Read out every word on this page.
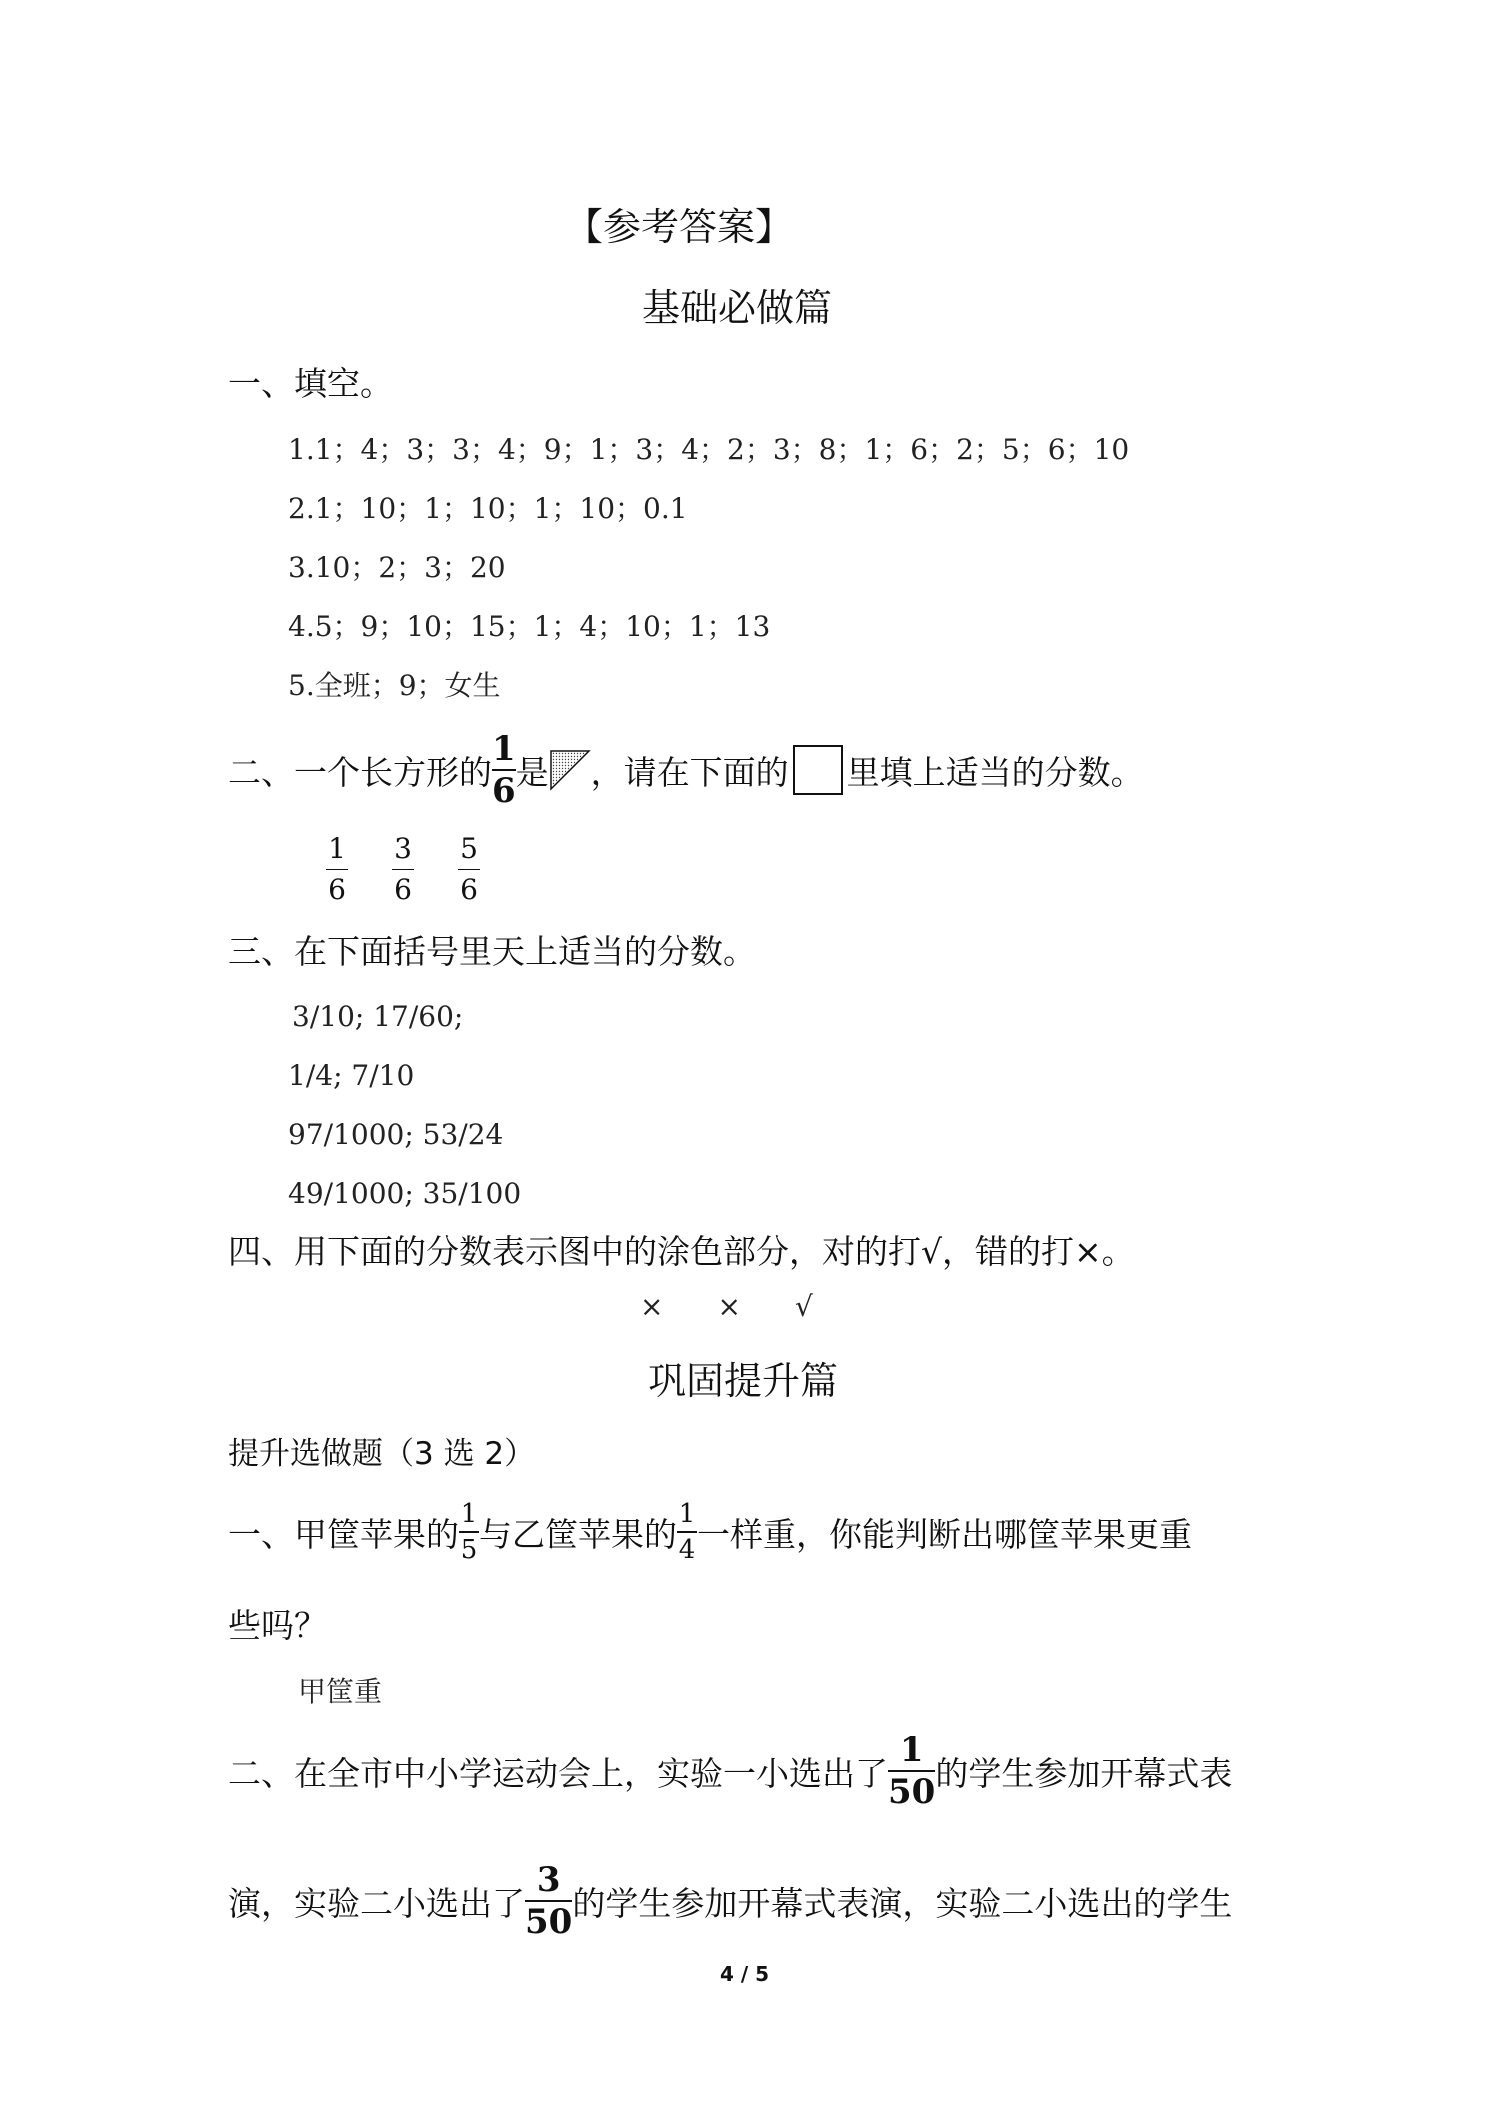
【参考答案】
基础必做篇
一、填空。
1.1；4；3；3；4；9；1；3；4；2；3；8；1；6；2；5；6；10
2.1；10；1；10；1；10；0.1
3.10；2；3；20
4.5；9；10；15；1；4；10；1；13
5.全班；9；女生
二、一个长方形的 $\frac{1}{6}$ 是 ，请在下面的 里填上适当的分数。
$\frac{1}{6} \frac{3}{6} \frac{5}{6}$
三、在下面括号里天上适当的分数。
3/10; 17/60;
1/4; 7/10
97/1000; 53/24
49/1000; 35/100
四、用下面的分数表示图中的涂色部分，对的打√，错的打×。
× × √
巩固提升篇
提升选做题（3 选 2）
一、甲筐苹果的 $\frac{1}{5}$ 与乙筐苹果的 $\frac{1}{4}$ 一样重，你能判断出哪筐苹果更重
些吗？
甲筐重
二、在全市中小学运动会上，实验一小选出了 $\frac{1}{50}$ 的学生参加开幕式表
演，实验二小选出了 $\frac{3}{50}$ 的学生参加开幕式表演，实验二小选出的学生
4 / 5
